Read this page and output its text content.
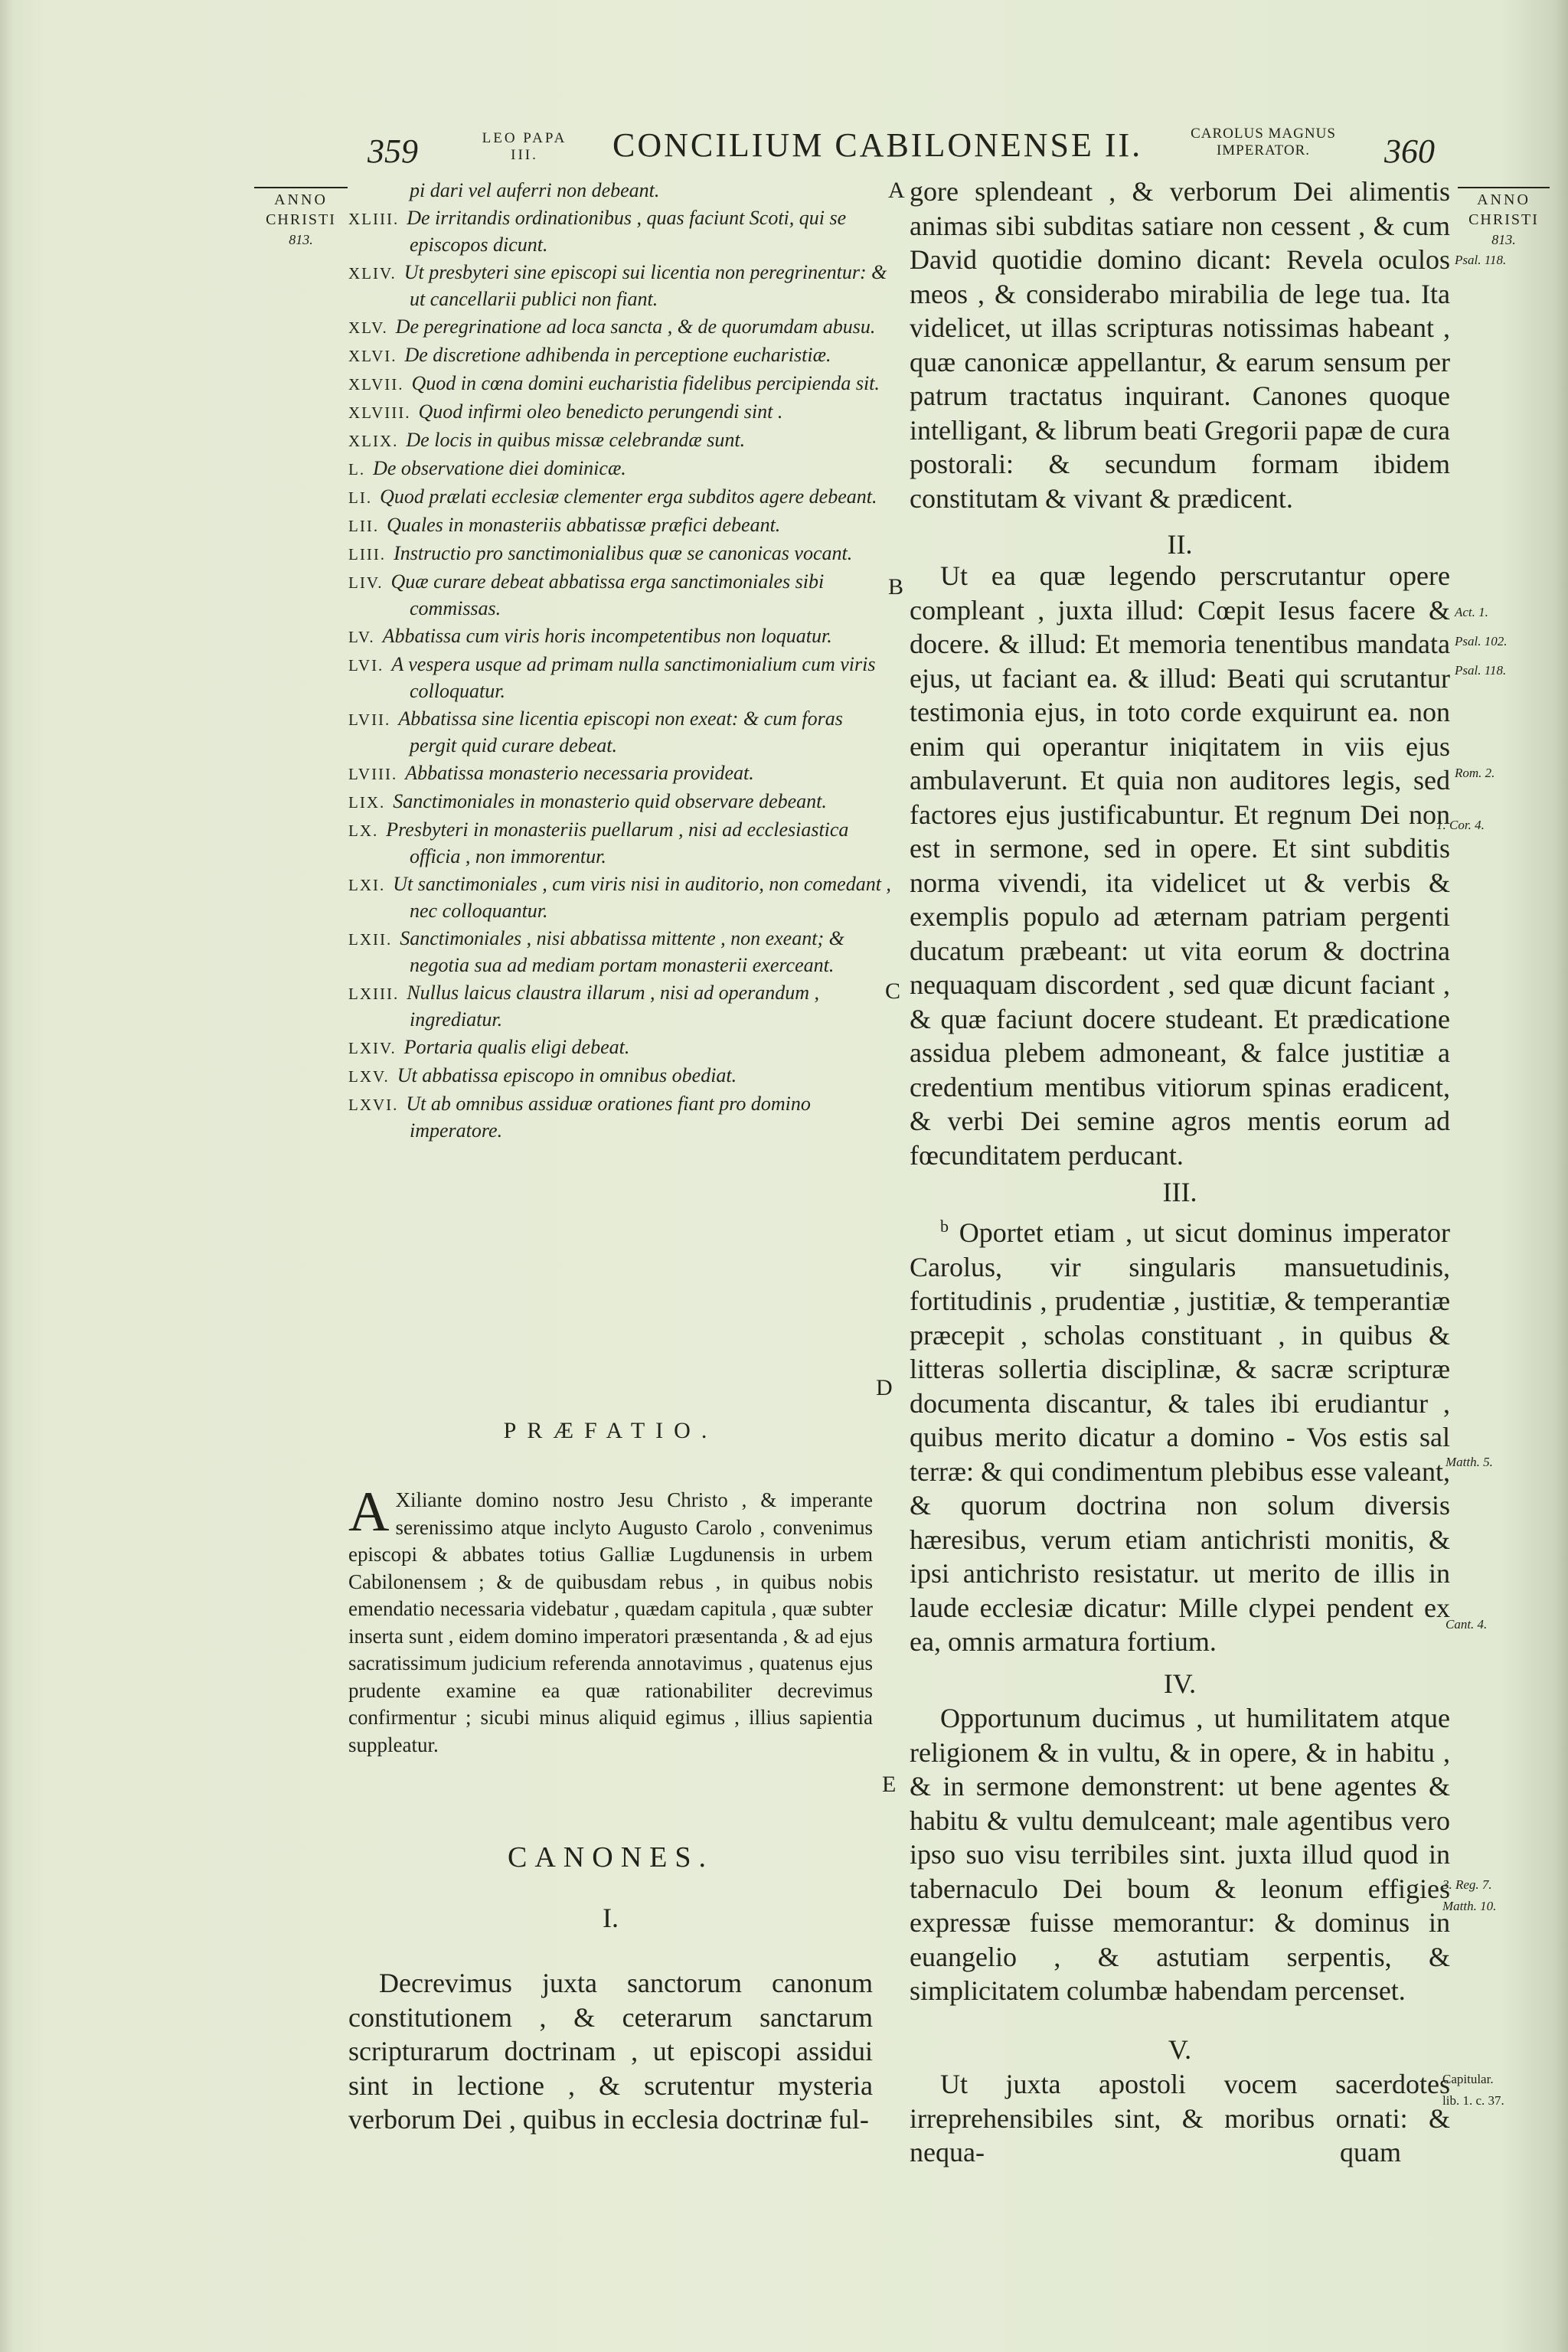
359	LEO PAPA
III.	CONCILIUM CABILONENSE II.	CAROLUS MAGNUS
IMPERATOR.	360
ANNO
CHRISTI
813.
ANNO
CHRISTI
813.
pi dari vel auferri non debeant.
XLIII. De irritandis ordinationibus , quas faciunt Scoti, qui se episcopos dicunt.
XLIV. Ut presbyteri sine episcopi sui licentia non peregrinentur: & ut cancellarii publici non fiant.
XLV. De peregrinatione ad loca sancta , & de quorumdam abusu.
XLVI. De discretione adhibenda in perceptione eucharistiæ.
XLVII. Quod in cœna domini eucharistia fidelibus percipienda sit.
XLVIII. Quod infirmi oleo benedicto perungendi sint .
XLIX. De locis in quibus missæ celebrandæ sunt.
L. De observatione diei dominicæ.
LI. Quod prælati ecclesiæ clementer erga subditos agere debeant.
LII. Quales in monasteriis abbatissæ præfici debeant.
LIII. Instructio pro sanctimonialibus quæ se canonicas vocant.
LIV. Quæ curare debeat abbatissa erga sanctimoniales sibi commissas.
LV. Abbatissa cum viris horis incompetentibus non loquatur.
LVI. A vespera usque ad primam nulla sanctimonialium cum viris colloquatur.
LVII. Abbatissa sine licentia episcopi non exeat: & cum foras pergit quid curare debeat.
LVIII. Abbatissa monasterio necessaria provideat.
LIX. Sanctimoniales in monasterio quid observare debeant.
LX. Presbyteri in monasteriis puellarum , nisi ad ecclesiastica officia , non immorentur.
LXI. Ut sanctimoniales , cum viris nisi in auditorio, non comedant , nec colloquantur.
LXII. Sanctimoniales , nisi abbatissa mittente , non exeant; & negotia sua ad mediam portam monasterii exerceant.
LXIII. Nullus laicus claustra illarum , nisi ad operandum , ingrediatur.
LXIV. Portaria qualis eligi debeat.
LXV. Ut abbatissa episcopo in omnibus obediat.
LXVI. Ut ab omnibus assiduæ orationes fiant pro domino imperatore.
PRÆFATIO.
A Xiliante domino nostro Jesu Christo , & imperante serenissimo atque inclyto Augusto Carolo , convenimus episcopi & abbates totius Galliæ Lugdunensis in urbem Cabilonensem ; & de quibusdam rebus , in quibus nobis emendatio necessaria videbatur , quædam capitula , quæ subter inserta sunt , eidem domino imperatori præsentanda , & ad ejus sacratissimum judicium referenda annotavimus , quatenus ejus prudente examine ea quæ rationabiliter decrevimus confirmentur ; sicubi minus aliquid egimus , illius sapientia suppleatur.
CANONES.
I.
Decrevimus juxta sanctorum canonum constitutionem , & ceterarum sanctarum scripturarum doctrinam , ut episcopi assidui sint in lectione , & scrutentur mysteria verborum Dei , quibus in ecclesia doctrinæ ful-
gore splendeant , & verborum Dei alimentis animas sibi subditas satiare non cessent , & cum David quotidie domino dicant: Revela oculos meos , & considerabo mirabilia de lege tua. Ita videlicet, ut illas scripturas notissimas habeant , quæ canonicæ appellantur, & earum sensum per patrum tractatus inquirant. Canones quoque intelligant, & librum beati Gregorii papæ de cura postorali: & secundum formam ibidem constitutam & vivant & prædicent.
II.
Ut ea quæ legendo perscrutantur opere compleant , juxta illud: Cœpit Iesus facere & docere. & illud: Et memoria tenentibus mandata ejus, ut faciant ea. & illud: Beati qui scrutantur testimonia ejus, in toto corde exquirunt ea. non enim qui operantur iniqitatem in viis ejus ambulaverunt. Et quia non auditores legis, sed factores ejus justificabuntur. Et regnum Dei non est in sermone, sed in opere. Et sint subditis norma vivendi, ita videlicet ut & verbis & exemplis populo ad æternam patriam pergenti ducatum præbeant: ut vita eorum & doctrina nequaquam discordent , sed quæ dicunt faciant , & quæ faciunt docere studeant. Et prædicatione assidua plebem admoneant, & falce justitiæ a credentium mentibus vitiorum spinas eradicent, & verbi Dei semine agros mentis eorum ad fœcunditatem perducant.
III.
$^b$ Oportet etiam , ut sicut dominus imperator Carolus, vir singularis mansuetudinis, fortitudinis , prudentiæ , justitiæ, & temperantiæ præcepit , scholas constituant , in quibus & litteras sollertia disciplinæ, & sacræ scripturæ documenta discantur, & tales ibi erudiantur , quibus merito dicatur a domino - Vos estis sal terræ: & qui condimentum plebibus esse valeant, & quorum doctrina non solum diversis hæresibus, verum etiam antichristi monitis, & ipsi antichristo resistatur. ut merito de illis in laude ecclesiæ dicatur: Mille clypei pendent ex ea, omnis armatura fortium.
IV.
Opportunum ducimus , ut humilitatem atque religionem & in vultu, & in opere, & in habitu , & in sermone demonstrent: ut bene agentes & habitu & vultu demulceant; male agentibus vero ipso suo visu terribiles sint. juxta illud quod in tabernaculo Dei boum & leonum effigies expressæ fuisse memorantur: & dominus in euangelio , & astutiam serpentis, & simplicitatem columbæ habendam percenset.
V.
Ut juxta apostoli vocem sacerdotes irreprehensibiles sint, & moribus ornati: & nequa-	quam
A
B
C
D
E
Psal. 118.
Act. 1.
Psal. 102.
Psal. 118.
Rom. 2.
1. Cor. 4.
Matth. 5.
Cant. 4.
3. Reg. 7.
Matth. 10.
Capitular.
lib. 1. c. 37.
